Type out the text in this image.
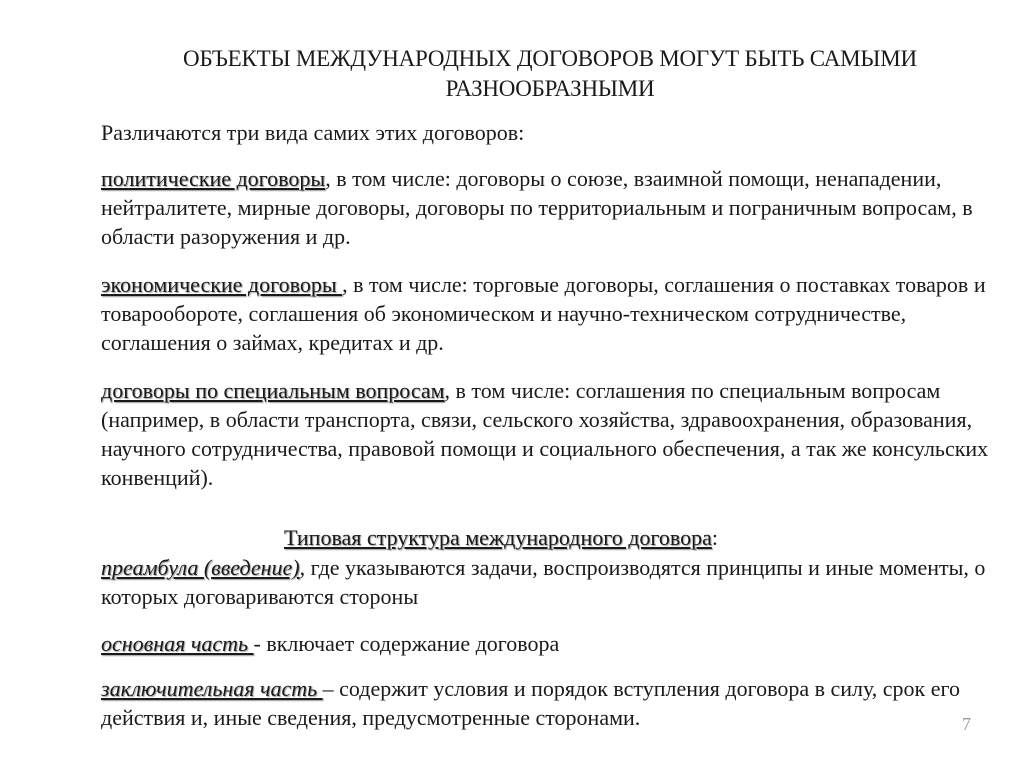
ОБЪЕКТЫ МЕЖДУНАРОДНЫХ ДОГОВОРОВ МОГУТ БЫТЬ САМЫМИ РАЗНООБРАЗНЫМИ
Различаются три вида самих этих договоров:
политические договоры, в том числе: договоры о союзе, взаимной помощи, ненападении, нейтралитете, мирные договоры, договоры по территориальным и пограничным вопросам, в области разоружения и др.
экономические договоры , в том числе: торговые договоры, соглашения о поставках товаров и товарообороте, соглашения об экономическом и научно-техническом сотрудничестве, соглашения о займах, кредитах и др.
договоры по специальным вопросам, в том числе: соглашения по специальным вопросам (например, в области транспорта, связи, сельского хозяйства, здравоохранения, образования, научного сотрудничества, правовой помощи и социального обеспечения, а так же консульских конвенций).
Типовая структура международного договора:
преамбула (введение), где указываются задачи, воспроизводятся принципы и иные моменты, о которых договариваются стороны
основная часть - включает содержание договора
заключительная часть – содержит условия и порядок вступления договора в силу, срок его действия и, иные сведения, предусмотренные сторонами.	7
